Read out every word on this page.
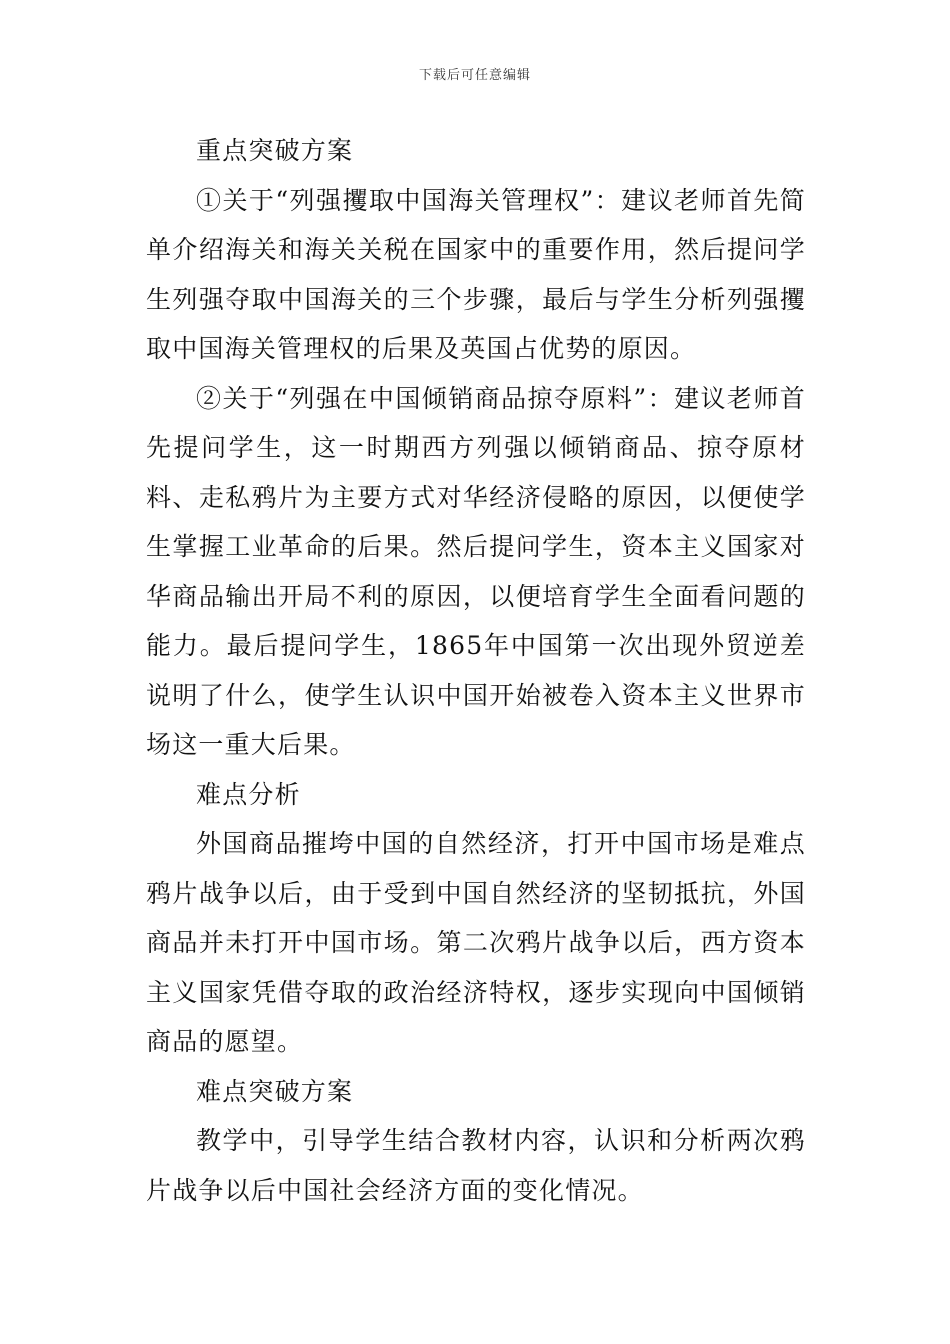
下载后可任意编辑

重点突破方案

①关于“列强攫取中国海关管理权”：建议老师首先简单介绍海关和海关关税在国家中的重要作用，然后提问学生列强夺取中国海关的三个步骤，最后与学生分析列强攫取中国海关管理权的后果及英国占优势的原因。

②关于“列强在中国倾销商品掠夺原料”：建议老师首先提问学生，这一时期西方列强以倾销商品、掠夺原材料、走私鸦片为主要方式对华经济侵略的原因，以便使学生掌握工业革命的后果。然后提问学生，资本主义国家对华商品输出开局不利的原因，以便培育学生全面看问题的能力。最后提问学生，1865年中国第一次出现外贸逆差说明了什么，使学生认识中国开始被卷入资本主义世界市场这一重大后果。

难点分析

外国商品摧垮中国的自然经济，打开中国市场是难点鸦片战争以后，由于受到中国自然经济的坚韧抵抗，外国商品并未打开中国市场。第二次鸦片战争以后，西方资本主义国家凭借夺取的政治经济特权，逐步实现向中国倾销商品的愿望。

难点突破方案

教学中，引导学生结合教材内容，认识和分析两次鸦片战争以后中国社会经济方面的变化情况。
